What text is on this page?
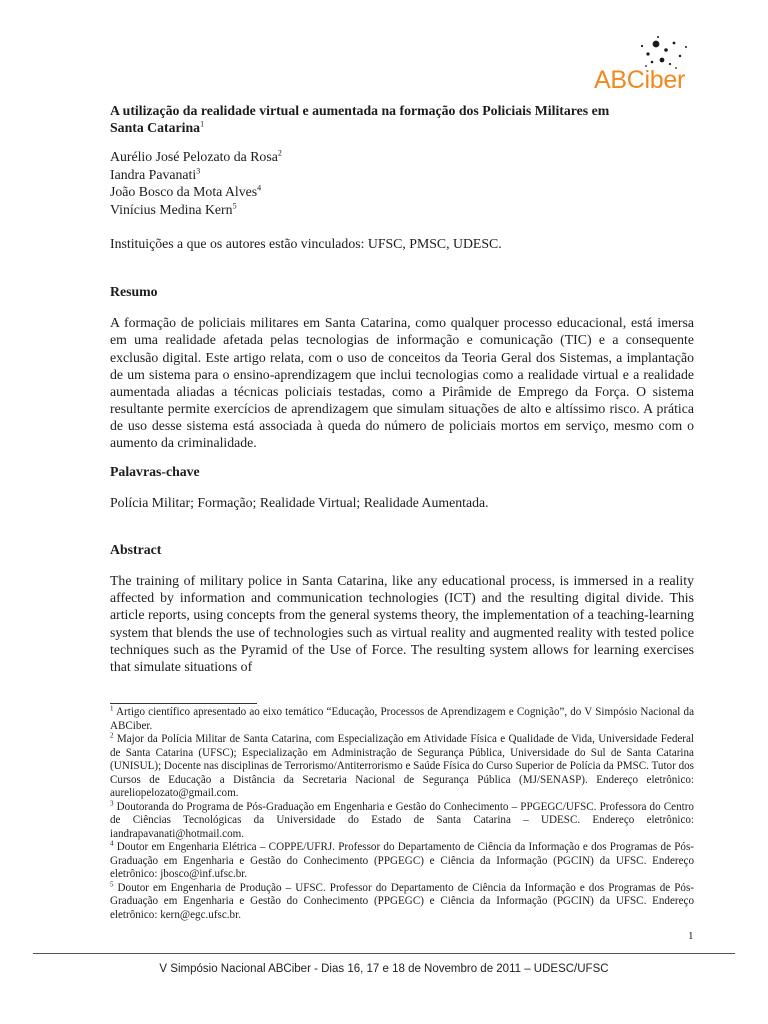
ABCiber
A utilização da realidade virtual e aumentada na formação dos Policiais Militares em
Santa Catarina$^1$
Aurélio José Pelozato da Rosa$^2$
Iandra Pavanati$^3$
João Bosco da Mota Alves$^4$
Vinícius Medina Kern$^5$
Instituições a que os autores estão vinculados: UFSC, PMSC, UDESC.
Resumo
A formação de policiais militares em Santa Catarina, como qualquer processo educacional, está imersa em uma realidade afetada pelas tecnologias de informação e comunicação (TIC) e a consequente exclusão digital. Este artigo relata, com o uso de conceitos da Teoria Geral dos Sistemas, a implantação de um sistema para o ensino-aprendizagem que inclui tecnologias como a realidade virtual e a realidade aumentada aliadas a técnicas policiais testadas, como a Pirâmide de Emprego da Força. O sistema resultante permite exercícios de aprendizagem que simulam situações de alto e altíssimo risco. A prática de uso desse sistema está associada à queda do número de policiais mortos em serviço, mesmo com o aumento da criminalidade.
Palavras-chave
Polícia Militar; Formação; Realidade Virtual; Realidade Aumentada.
Abstract
The training of military police in Santa Catarina, like any educational process, is immersed in a reality affected by information and communication technologies (ICT) and the resulting digital divide. This article reports, using concepts from the general systems theory, the implementation of a teaching-learning system that blends the use of technologies such as virtual reality and augmented reality with tested police techniques such as the Pyramid of the Use of Force. The resulting system allows for learning exercises that simulate situations of
$^1$ Artigo científico apresentado ao eixo temático “Educação, Processos de Aprendizagem e Cognição”, do V Simpósio Nacional da ABCiber.
$^2$ Major da Polícia Militar de Santa Catarina, com Especialização em Atividade Física e Qualidade de Vida, Universidade Federal de Santa Catarina (UFSC); Especialização em Administração de Segurança Pública, Universidade do Sul de Santa Catarina (UNISUL); Docente nas disciplinas de Terrorismo/Antiterrorismo e Saúde Física do Curso Superior de Polícia da PMSC. Tutor dos Cursos de Educação a Distância da Secretaria Nacional de Segurança Pública (MJ/SENASP). Endereço eletrônico: aureliopelozato@gmail.com.
$^3$ Doutoranda do Programa de Pós-Graduação em Engenharia e Gestão do Conhecimento – PPGEGC/UFSC. Professora do Centro de Ciências Tecnológicas da Universidade do Estado de Santa Catarina – UDESC. Endereço eletrônico: iandrapavanati@hotmail.com.
$^4$ Doutor em Engenharia Elétrica – COPPE/UFRJ. Professor do Departamento de Ciência da Informação e dos Programas de Pós-Graduação em Engenharia e Gestão do Conhecimento (PPGEGC) e Ciência da Informação (PGCIN) da UFSC. Endereço eletrônico: jbosco@inf.ufsc.br.
$^5$ Doutor em Engenharia de Produção – UFSC. Professor do Departamento de Ciência da Informação e dos Programas de Pós-Graduação em Engenharia e Gestão do Conhecimento (PPGEGC) e Ciência da Informação (PGCIN) da UFSC. Endereço eletrônico: kern@egc.ufsc.br.
1
V Simpósio Nacional ABCiber - Dias 16, 17 e 18 de Novembro de 2011 – UDESC/UFSC
